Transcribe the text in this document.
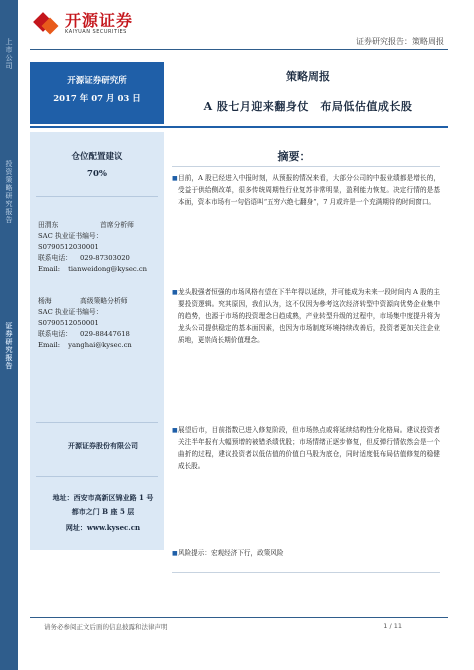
上市公司
投资策略研究报告
证券研究报告
开源证券
KAIYUAN SECURITIES
证券研究报告：策略周报
开源证券研究所
2017 年 07 月 03 日
策略周报
A 股七月迎来翻身仗　布局低估值成长股
仓位配置建议
70%
田渭东	首席分析师
SAC 执业证书编号：
S0790512030001
联系电话： 029-87303020
Email: tianweidong@kysec.cn
杨海	高级策略分析师
SAC 执业证书编号：
S0790512050001
联系电话： 029-88447618
Email: yanghai@kysec.cn
开源证券股份有限公司
地址：西安市高新区锦业路 1 号
都市之门 B 座 5 层
网址：www.kysec.cn
摘要：
■ 目前，A 股已经进入中报时刻，从预报的情况来看，大部分公司的中报业绩都是增长的，受益于供给侧改革，很多传统周期性行业复苏非常明显，盈利能力恢复。决定行情的是基本面，资本市场有一句俗语叫“五穷六绝七翻身”，7 月或许是一个充满期待的时间窗口。
■ 龙头股强者恒强的市场风格有望在下半年得以延续，并可能成为未来一段时间内 A 股的主要投资逻辑。究其原因，我们认为，这不仅因为參考这次经济转型中资源向优势企业集中的趋势，也源于市场的投资理念日趋成熟，产业转型升级的过程中，市场集中度提升将为龙头公司提供稳定的基本面因素，也因为市场制度环境持续改善后，投资者更加关注企业质地，更崇尚长期价值理念。
■ 展望后市，目前指数已进入修复阶段，但市场热点或将延续结构性分化格局。建议投资者关注半年报有大幅预增的被错杀绩优股；市场情绪正逐步修复，但反弹行情依然会是一个曲折的过程，建议投资者以低估值的价值白马股为底仓，同时适度低布局估值修复的稳健成长股。
■ 风险提示：宏观经济下行，政策风险
请务必参阅正文后面的信息披露和法律声明	1 / 11
